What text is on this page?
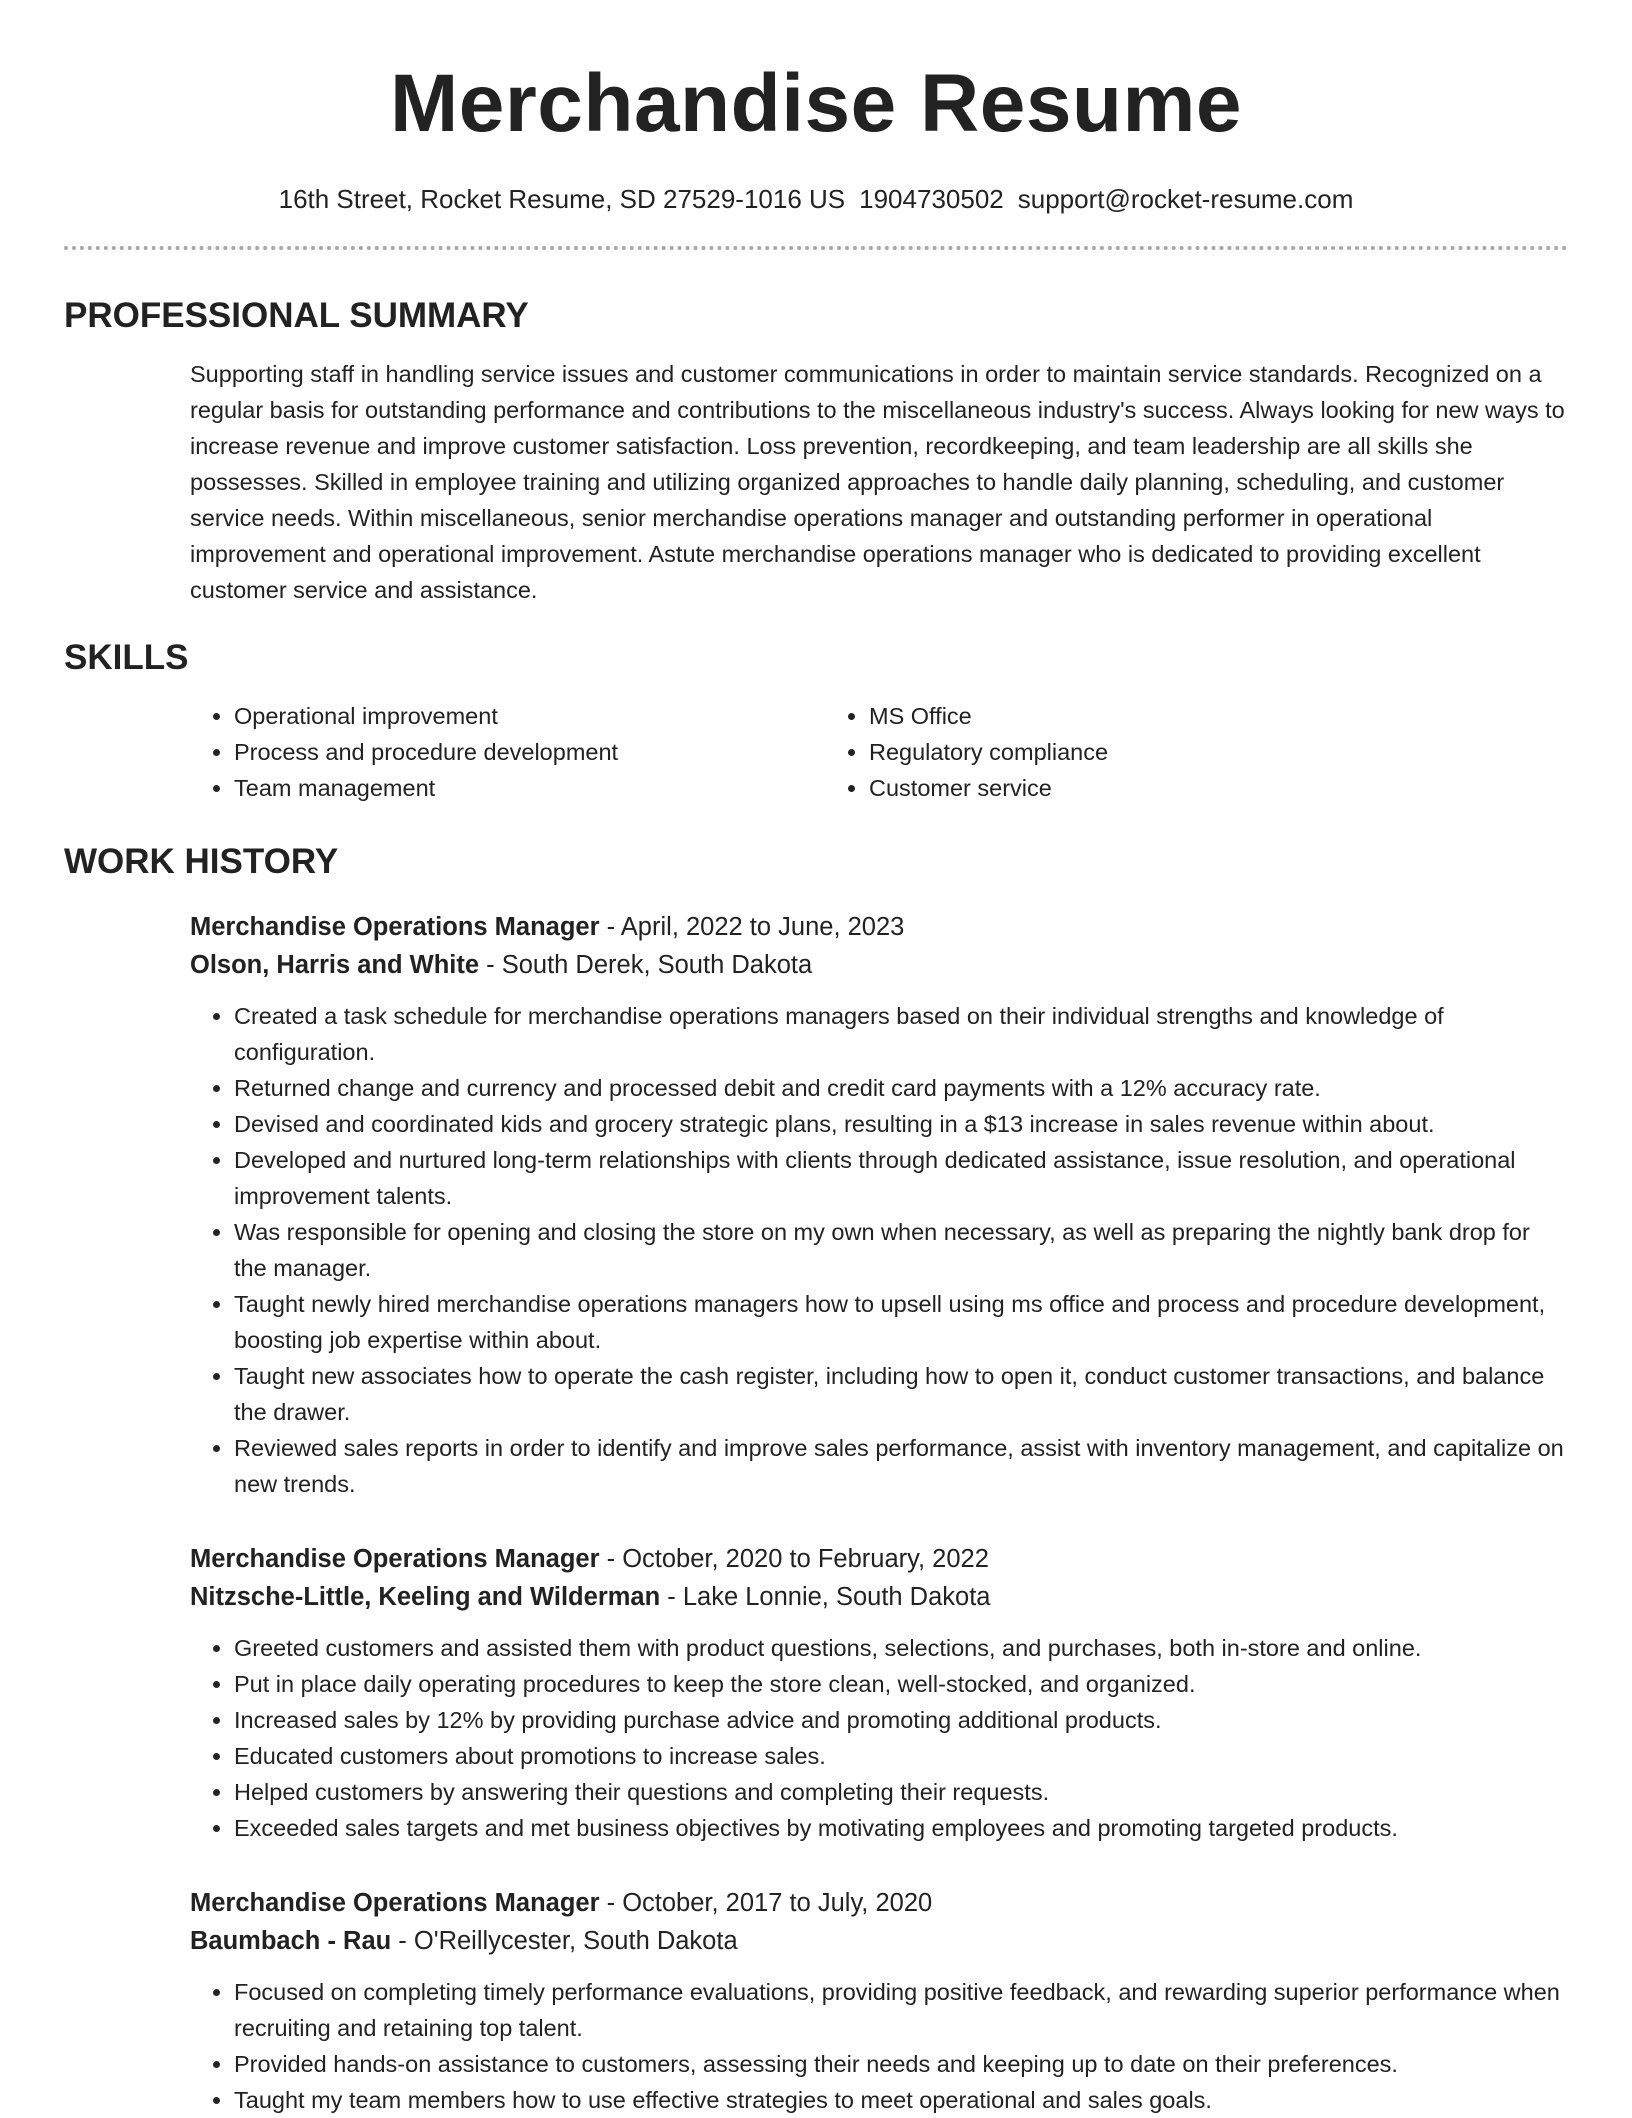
Merchandise Resume
16th Street, Rocket Resume, SD 27529-1016 US 1904730502 support@rocket-resume.com
PROFESSIONAL SUMMARY

Supporting staff in handling service issues and customer communications in order to maintain service standards. Recognized on a regular basis for outstanding performance and contributions to the miscellaneous industry's success. Always looking for new ways to increase revenue and improve customer satisfaction. Loss prevention, recordkeeping, and team leadership are all skills she possesses. Skilled in employee training and utilizing organized approaches to handle daily planning, scheduling, and customer service needs. Within miscellaneous, senior merchandise operations manager and outstanding performer in operational improvement and operational improvement. Astute merchandise operations manager who is dedicated to providing excellent customer service and assistance.

SKILLS
• Operational improvement
• Process and procedure development
• Team management
• MS Office
• Regulatory compliance
• Customer service
WORK HISTORY
Merchandise Operations Manager - April, 2022 to June, 2023
Olson, Harris and White - South Derek, South Dakota
• Created a task schedule for merchandise operations managers based on their individual strengths and knowledge of configuration.
• Returned change and currency and processed debit and credit card payments with a 12% accuracy rate.
• Devised and coordinated kids and grocery strategic plans, resulting in a $13 increase in sales revenue within about.
• Developed and nurtured long-term relationships with clients through dedicated assistance, issue resolution, and operational improvement talents.
• Was responsible for opening and closing the store on my own when necessary, as well as preparing the nightly bank drop for the manager.
• Taught newly hired merchandise operations managers how to upsell using ms office and process and procedure development, boosting job expertise within about.
• Taught new associates how to operate the cash register, including how to open it, conduct customer transactions, and balance the drawer.
• Reviewed sales reports in order to identify and improve sales performance, assist with inventory management, and capitalize on new trends.
Merchandise Operations Manager - October, 2020 to February, 2022
Nitzsche-Little, Keeling and Wilderman - Lake Lonnie, South Dakota
• Greeted customers and assisted them with product questions, selections, and purchases, both in-store and online.
• Put in place daily operating procedures to keep the store clean, well-stocked, and organized.
• Increased sales by 12% by providing purchase advice and promoting additional products.
• Educated customers about promotions to increase sales.
• Helped customers by answering their questions and completing their requests.
• Exceeded sales targets and met business objectives by motivating employees and promoting targeted products.
Merchandise Operations Manager - October, 2017 to July, 2020
Baumbach - Rau - O'Reillycester, South Dakota
• Focused on completing timely performance evaluations, providing positive feedback, and rewarding superior performance when recruiting and retaining top talent.
• Provided hands-on assistance to customers, assessing their needs and keeping up to date on their preferences.
• Taught my team members how to use effective strategies to meet operational and sales goals.
